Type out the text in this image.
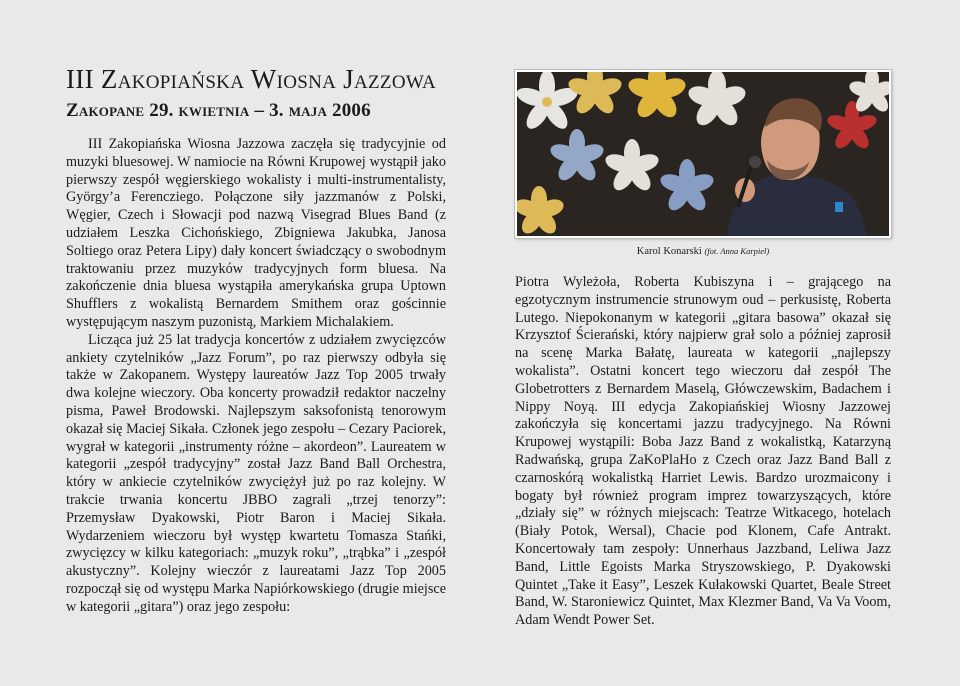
III Zakopiańska Wiosna Jazzowa
Zakopane 29. kwietnia – 3. maja 2006

III Zakopiańska Wiosna Jazzowa zaczęła się tradycyjnie od muzyki bluesowej. W namiocie na Równi Krupowej wystąpił jako pierwszy zespół węgierskiego wokalisty i multi-instrumentalisty, György’a Ferencziego. Połączone siły jazzmanów z Polski, Węgier, Czech i Słowacji pod nazwą Visegrad Blues Band (z udziałem Leszka Cichońskiego, Zbigniewa Jakubka, Janosa Soltiego oraz Petera Lipy) dały koncert świadczący o swobodnym traktowaniu przez muzyków tradycyjnych form bluesa. Na zakończenie dnia bluesa wystąpiła amerykańska grupa Uptown Shufflers z wokalistą Bernardem Smithem oraz gościnnie występującym naszym puzonistą, Markiem Michalakiem.

Licząca już 25 lat tradycja koncertów z udziałem zwycięzców ankiety czytelników „Jazz Forum”, po raz pierwszy odbyła się także w Zakopanem. Występy laureatów Jazz Top 2005 trwały dwa kolejne wieczory. Oba koncerty prowadził redaktor naczelny pisma, Paweł Brodowski. Najlepszym saksofonistą tenorowym okazał się Maciej Sikała. Członek jego zespołu – Cezary Paciorek, wygrał w kategorii „instrumenty różne – akordeon”. Laureatem w kategorii „zespół tradycyjny” został Jazz Band Ball Orchestra, który w ankiecie czytelników zwyciężył już po raz kolejny. W trakcie trwania koncertu JBBO zagrali „trzej tenorzy”: Przemysław Dyakowski, Piotr Baron i Maciej Sikała. Wydarzeniem wieczoru był występ kwartetu Tomasza Stańki, zwycięzcy w kilku kategoriach: „muzyk roku”, „trąbka” i „zespół akustyczny”. Kolejny wieczór z laureatami Jazz Top 2005 rozpoczął się od występu Marka Napiórkowskiego (drugie miejsce w kategorii „gitara”) oraz jego zespołu:

Karol Konarski (fot. Anna Karpiel)

Piotra Wyleżoła, Roberta Kubiszyna i – grającego na egzotycznym instrumencie strunowym oud – perkusistę, Roberta Lutego. Niepokonanym w kategorii „gitara basowa” okazał się Krzysztof Ścierański, który najpierw grał solo a później zaprosił na scenę Marka Bałatę, laureata w kategorii „najlepszy wokalista”. Ostatni koncert tego wieczoru dał zespół The Globetrotters z Bernardem Maselą, Główczewskim, Badachem i Nippy Noyą. III edycja Zakopiańskiej Wiosny Jazzowej zakończyła się koncertami jazzu tradycyjnego. Na Równi Krupowej wystąpili: Boba Jazz Band z wokalistką, Katarzyną Radwańską, grupa ZaKoPlaHo z Czech oraz Jazz Band Ball z czarnoskórą wokalistką Harriet Lewis. Bardzo urozmaicony i bogaty był również program imprez towarzyszących, które „działy się” w różnych miejscach: Teatrze Witkacego, hotelach (Biały Potok, Wersal), Chacie pod Klonem, Cafe Antrakt. Koncertowały tam zespoły: Unnerhaus Jazzband, Leliwa Jazz Band, Little Egoists Marka Stryszowskiego, P. Dyakowski Quintet „Take it Easy”, Leszek Kułakowski Quartet, Beale Street Band, W. Staroniewicz Quintet, Max Klezmer Band, Va Va Voom, Adam Wendt Power Set.
